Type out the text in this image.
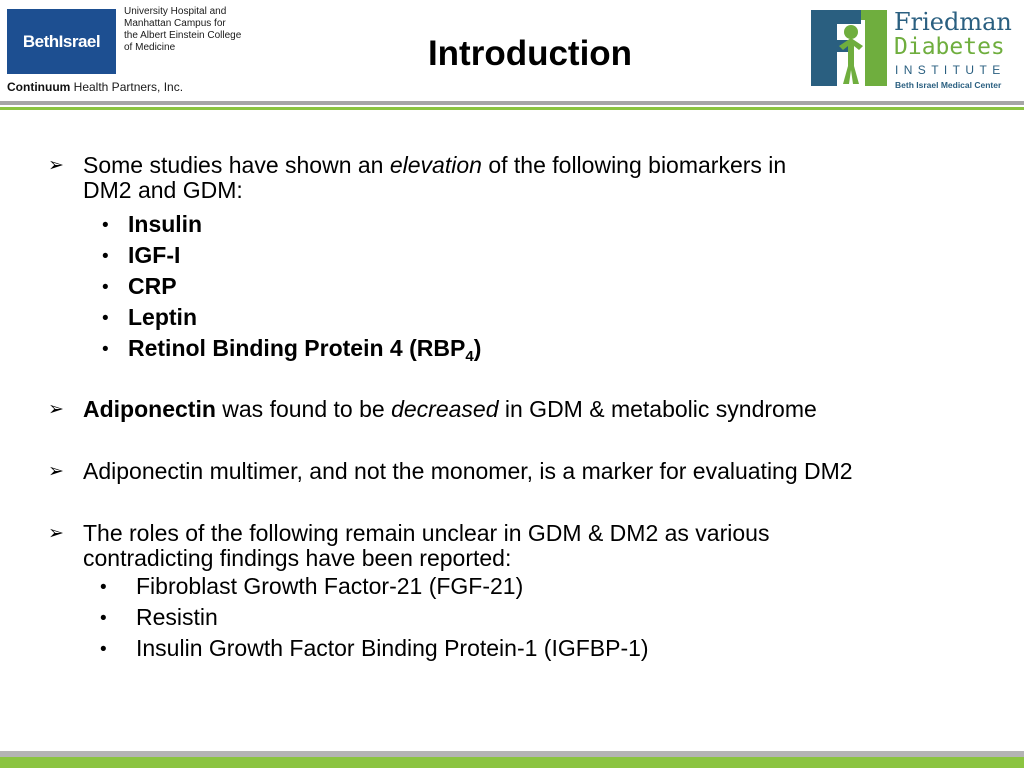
BethIsrael
University Hospital and
Manhattan Campus for
the Albert Einstein College
of Medicine
Continuum Health Partners, Inc.
Introduction
Friedman
Diabetes
INSTITUTE
Beth Israel Medical Center
➢ Some studies have shown an elevation of the following biomarkers in
DM2 and GDM:
• Insulin
• IGF-I
• CRP
• Leptin
• Retinol Binding Protein 4 $(RBP_4)$
➢ Adiponectin was found to be decreased in GDM & metabolic syndrome
➢ Adiponectin multimer, and not the monomer, is a marker for evaluating DM2
➢ The roles of the following remain unclear in GDM & DM2 as various
contradicting findings have been reported:
• Fibroblast Growth Factor-21 (FGF-21)
• Resistin
• Insulin Growth Factor Binding Protein-1 (IGFBP-1)
